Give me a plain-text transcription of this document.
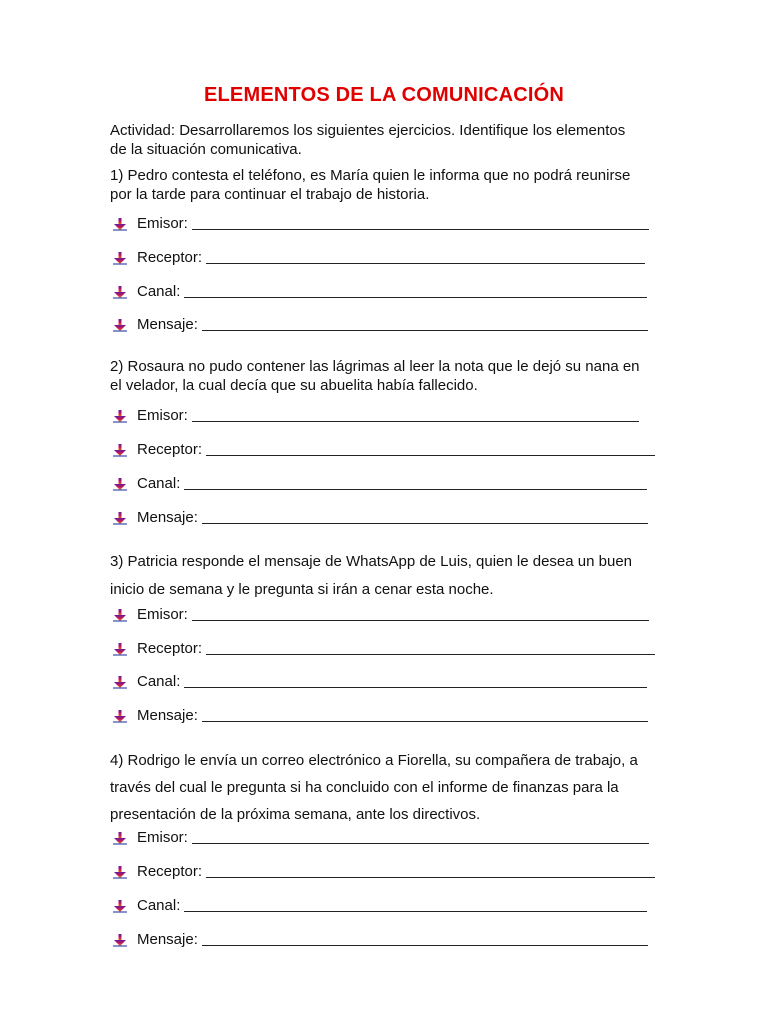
ELEMENTOS DE LA COMUNICACIÓN
Actividad: Desarrollaremos los siguientes ejercicios. Identifique los elementos
de la situación comunicativa.
1) Pedro contesta el teléfono, es María quien le informa que no podrá reunirse
por la tarde para continuar el trabajo de historia.
Emisor:
Receptor:
Canal:
Mensaje:
2) Rosaura no pudo contener las lágrimas al leer la nota que le dejó su nana en
el velador, la cual decía que su abuelita había fallecido.
Emisor:
Receptor:
Canal:
Mensaje:
3) Patricia responde el mensaje de WhatsApp de Luis, quien le desea un buen
inicio de semana y le pregunta si irán a cenar esta noche.
Emisor:
Receptor:
Canal:
Mensaje:
4) Rodrigo le envía un correo electrónico a Fiorella, su compañera de trabajo, a
través del cual le pregunta si ha concluido con el informe de finanzas para la
presentación de la próxima semana, ante los directivos.
Emisor:
Receptor:
Canal:
Mensaje:
